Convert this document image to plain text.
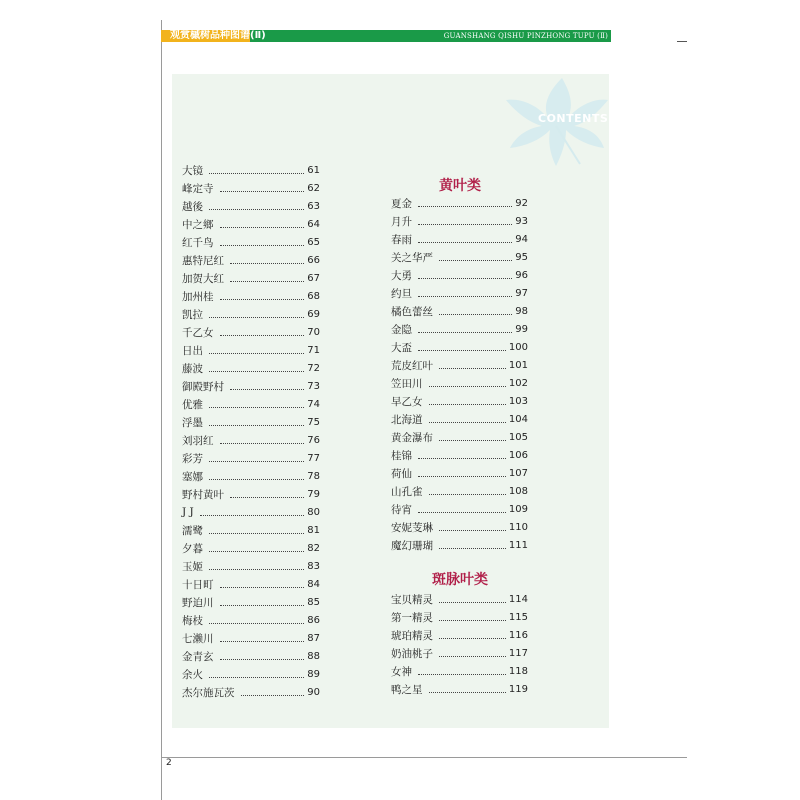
观赏槭树品种图谱(Ⅱ)	GUANSHANG QISHU PINZHONG TUPU (Ⅱ)
CONTENTS
大镜	61
峰定寺	62
越後	63
中之鄉	64
红千鸟	65
惠特尼红	66
加贺大红	67
加州桂	68
凯拉	69
千乙女	70
日出	71
藤波	72
御殿野村	73
优雅	74
浮墨	75
刘羽红	76
彩芳	77
塞娜	78
野村黄叶	79
J J	80
濡鹭	81
夕暮	82
玉姬	83
十日町	84
野迫川	85
梅枝	86
七濑川	87
金青玄	88
余火	89
杰尔施瓦茨	90
黄叶类
夏金	92
月升	93
春雨	94
关之华严	95
大勇	96
约旦	97
橘色蕾丝	98
金隐	99
大盃	100
荒皮红叶	101
笠田川	102
早乙女	103
北海道	104
黄金瀑布	105
桂锦	106
荷仙	107
山孔雀	108
待宵	109
安妮芰琳	110
魔幻珊瑚	111
斑脉叶类
宝贝精灵	114
第一精灵	115
琥珀精灵	116
奶油桃子	117
女神	118
鸭之星	119
2
